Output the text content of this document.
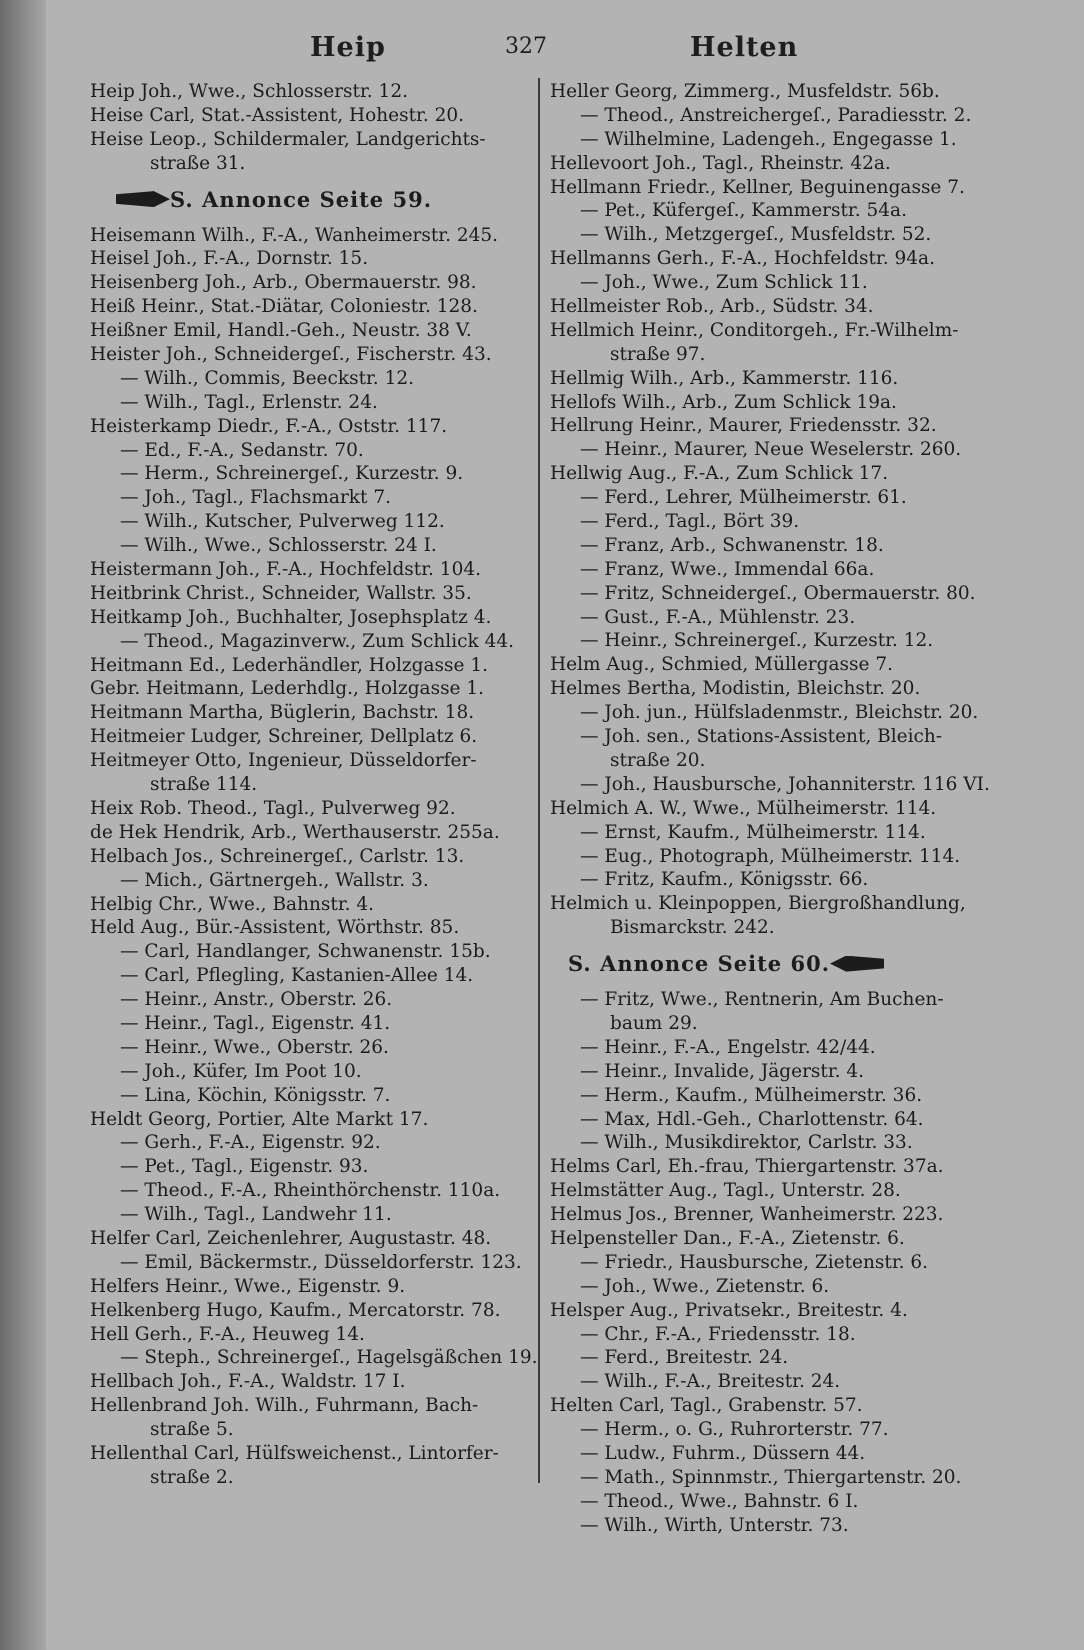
Heip	327	Helten
Heip Joh., Wwe., Schlosserstr. 12.
Heise Carl, Stat.-Assistent, Hohestr. 20.
Heise Leop., Schildermaler, Landgerichts-
straße 31.
S. Annonce Seite 59.
Heisemann Wilh., F.-A., Wanheimerstr. 245.
Heisel Joh., F.-A., Dornstr. 15.
Heisenberg Joh., Arb., Obermauerstr. 98.
Heiß Heinr., Stat.-Diätar, Coloniestr. 128.
Heißner Emil, Handl.-Geh., Neustr. 38 V.
Heister Joh., Schneidergeſ., Fischerstr. 43.
— Wilh., Commis, Beeckstr. 12.
— Wilh., Tagl., Erlenstr. 24.
Heisterkamp Diedr., F.-A., Oststr. 117.
— Ed., F.-A., Sedanstr. 70.
— Herm., Schreinergeſ., Kurzestr. 9.
— Joh., Tagl., Flachsmarkt 7.
— Wilh., Kutscher, Pulverweg 112.
— Wilh., Wwe., Schlosserstr. 24 I.
Heistermann Joh., F.-A., Hochfeldstr. 104.
Heitbrink Christ., Schneider, Wallstr. 35.
Heitkamp Joh., Buchhalter, Josephsplatz 4.
— Theod., Magazinverw., Zum Schlick 44.
Heitmann Ed., Lederhändler, Holzgasse 1.
Gebr. Heitmann, Lederhdlg., Holzgasse 1.
Heitmann Martha, Büglerin, Bachstr. 18.
Heitmeier Ludger, Schreiner, Dellplatz 6.
Heitmeyer Otto, Ingenieur, Düsseldorfer-
straße 114.
Heix Rob. Theod., Tagl., Pulverweg 92.
de Hek Hendrik, Arb., Werthauserstr. 255a.
Helbach Jos., Schreinergeſ., Carlstr. 13.
— Mich., Gärtnergeh., Wallstr. 3.
Helbig Chr., Wwe., Bahnstr. 4.
Held Aug., Bür.-Assistent, Wörthstr. 85.
— Carl, Handlanger, Schwanenstr. 15b.
— Carl, Pflegling, Kastanien-Allee 14.
— Heinr., Anstr., Oberstr. 26.
— Heinr., Tagl., Eigenstr. 41.
— Heinr., Wwe., Oberstr. 26.
— Joh., Küfer, Im Poot 10.
— Lina, Köchin, Königsstr. 7.
Heldt Georg, Portier, Alte Markt 17.
— Gerh., F.-A., Eigenstr. 92.
— Pet., Tagl., Eigenstr. 93.
— Theod., F.-A., Rheinthörchenstr. 110a.
— Wilh., Tagl., Landwehr 11.
Helfer Carl, Zeichenlehrer, Augustastr. 48.
— Emil, Bäckermstr., Düsseldorferstr. 123.
Helfers Heinr., Wwe., Eigenstr. 9.
Helkenberg Hugo, Kaufm., Mercatorstr. 78.
Hell Gerh., F.-A., Heuweg 14.
— Steph., Schreinergeſ., Hagelsgäßchen 19.
Hellbach Joh., F.-A., Waldstr. 17 I.
Hellenbrand Joh. Wilh., Fuhrmann, Bach-
straße 5.
Hellenthal Carl, Hülfsweichenst., Lintorfer-
straße 2.
Heller Georg, Zimmerg., Musfeldstr. 56b.
— Theod., Anstreichergeſ., Paradiesstr. 2.
— Wilhelmine, Ladengeh., Engegasse 1.
Hellevoort Joh., Tagl., Rheinstr. 42a.
Hellmann Friedr., Kellner, Beguinengasse 7.
— Pet., Küfergeſ., Kammerstr. 54a.
— Wilh., Metzgergeſ., Musfeldstr. 52.
Hellmanns Gerh., F.-A., Hochfeldstr. 94a.
— Joh., Wwe., Zum Schlick 11.
Hellmeister Rob., Arb., Südstr. 34.
Hellmich Heinr., Conditorgeh., Fr.-Wilhelm-
straße 97.
Hellmig Wilh., Arb., Kammerstr. 116.
Hellofs Wilh., Arb., Zum Schlick 19a.
Hellrung Heinr., Maurer, Friedensstr. 32.
— Heinr., Maurer, Neue Weselerstr. 260.
Hellwig Aug., F.-A., Zum Schlick 17.
— Ferd., Lehrer, Mülheimerstr. 61.
— Ferd., Tagl., Bört 39.
— Franz, Arb., Schwanenstr. 18.
— Franz, Wwe., Immendal 66a.
— Fritz, Schneidergeſ., Obermauerstr. 80.
— Gust., F.-A., Mühlenstr. 23.
— Heinr., Schreinergeſ., Kurzestr. 12.
Helm Aug., Schmied, Müllergasse 7.
Helmes Bertha, Modistin, Bleichstr. 20.
— Joh. jun., Hülfsladenmstr., Bleichstr. 20.
— Joh. sen., Stations-Assistent, Bleich-
straße 20.
— Joh., Hausbursche, Johanniterstr. 116 VI.
Helmich A. W., Wwe., Mülheimerstr. 114.
— Ernst, Kaufm., Mülheimerstr. 114.
— Eug., Photograph, Mülheimerstr. 114.
— Fritz, Kaufm., Königsstr. 66.
Helmich u. Kleinpoppen, Biergroßhandlung,
Bismarckstr. 242.
S. Annonce Seite 60.
— Fritz, Wwe., Rentnerin, Am Buchen-
baum 29.
— Heinr., F.-A., Engelstr. 42/44.
— Heinr., Invalide, Jägerstr. 4.
— Herm., Kaufm., Mülheimerstr. 36.
— Max, Hdl.-Geh., Charlottenstr. 64.
— Wilh., Musikdirektor, Carlstr. 33.
Helms Carl, Eh.-frau, Thiergartenstr. 37a.
Helmstätter Aug., Tagl., Unterstr. 28.
Helmus Jos., Brenner, Wanheimerstr. 223.
Helpensteller Dan., F.-A., Zietenstr. 6.
— Friedr., Hausbursche, Zietenstr. 6.
— Joh., Wwe., Zietenstr. 6.
Helsper Aug., Privatsekr., Breitestr. 4.
— Chr., F.-A., Friedensstr. 18.
— Ferd., Breitestr. 24.
— Wilh., F.-A., Breitestr. 24.
Helten Carl, Tagl., Grabenstr. 57.
— Herm., o. G., Ruhrorterstr. 77.
— Ludw., Fuhrm., Düssern 44.
— Math., Spinnmstr., Thiergartenstr. 20.
— Theod., Wwe., Bahnstr. 6 I.
— Wilh., Wirth, Unterstr. 73.
